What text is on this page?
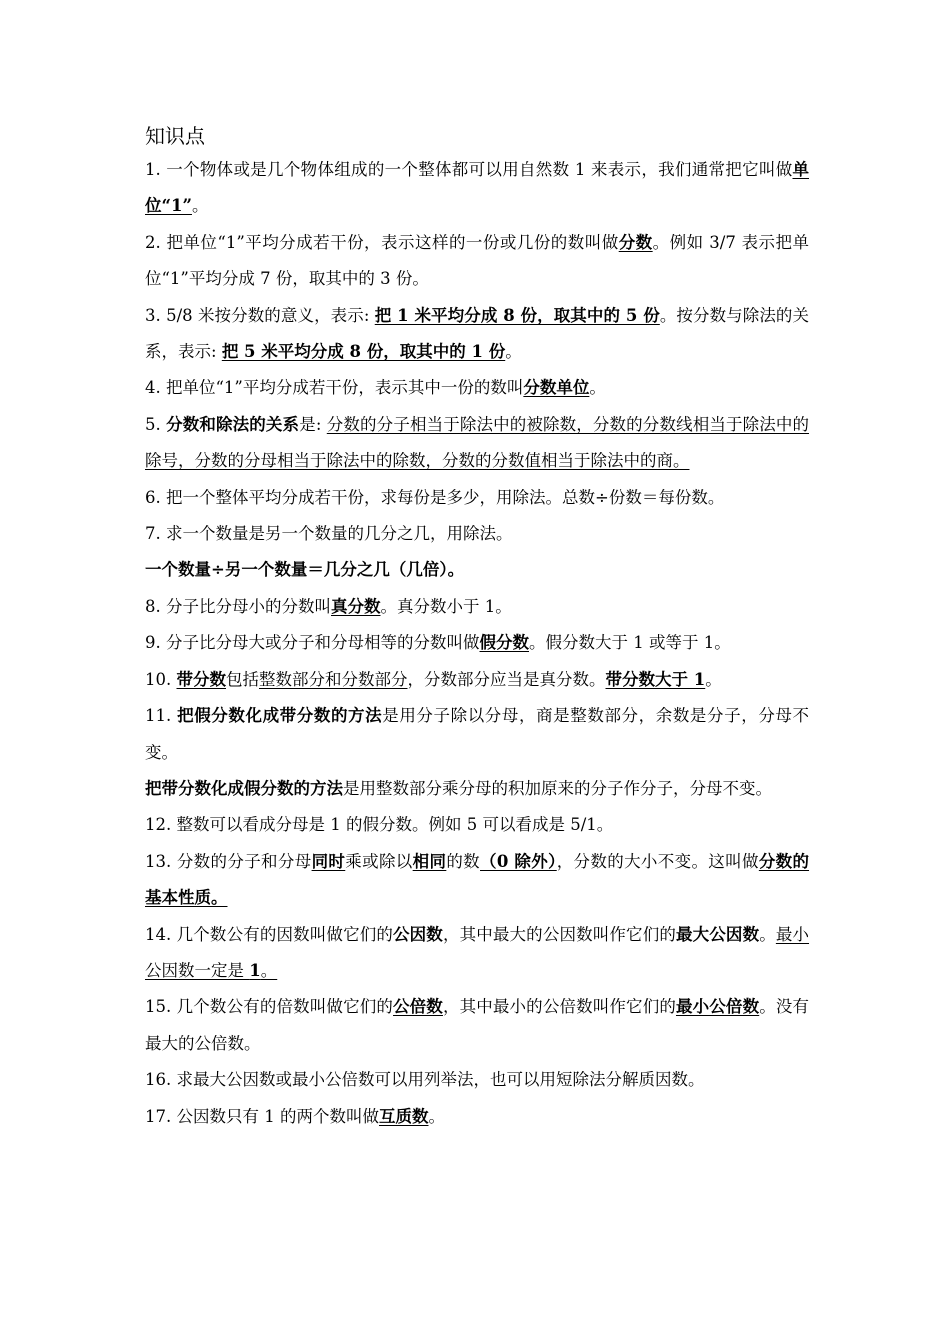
知识点

1. 一个物体或是几个物体组成的一个整体都可以用自然数 1 来表示，我们通常把它叫做单位“1”。

2. 把单位“1”平均分成若干份，表示这样的一份或几份的数叫做分数。例如 3/7 表示把单位“1”平均分成 7 份，取其中的 3 份。

3. 5/8 米按分数的意义，表示: 把 1 米平均分成 8 份，取其中的 5 份。按分数与除法的关系，表示: 把 5 米平均分成 8 份，取其中的 1 份。

4. 把单位“1”平均分成若干份，表示其中一份的数叫分数单位。

5. 分数和除法的关系是: 分数的分子相当于除法中的被除数，分数的分数线相当于除法中的除号，分数的分母相当于除法中的除数，分数的分数值相当于除法中的商。

6. 把一个整体平均分成若干份，求每份是多少，用除法。总数÷份数＝每份数。

7. 求一个数量是另一个数量的几分之几，用除法。

一个数量÷另一个数量＝几分之几（几倍）。

8. 分子比分母小的分数叫真分数。真分数小于 1。

9. 分子比分母大或分子和分母相等的分数叫做假分数。假分数大于 1 或等于 1。

10. 带分数包括整数部分和分数部分，分数部分应当是真分数。带分数大于 1。

11. 把假分数化成带分数的方法是用分子除以分母，商是整数部分，余数是分子，分母不变。

把带分数化成假分数的方法是用整数部分乘分母的积加原来的分子作分子，分母不变。

12. 整数可以看成分母是 1 的假分数。例如 5 可以看成是 5/1。

13. 分数的分子和分母同时乘或除以相同的数（0 除外），分数的大小不变。这叫做分数的基本性质。

14. 几个数公有的因数叫做它们的公因数，其中最大的公因数叫作它们的最大公因数。最小公因数一定是 1。

15. 几个数公有的倍数叫做它们的公倍数，其中最小的公倍数叫作它们的最小公倍数。没有最大的公倍数。

16. 求最大公因数或最小公倍数可以用列举法，也可以用短除法分解质因数。

17. 公因数只有 1 的两个数叫做互质数。
